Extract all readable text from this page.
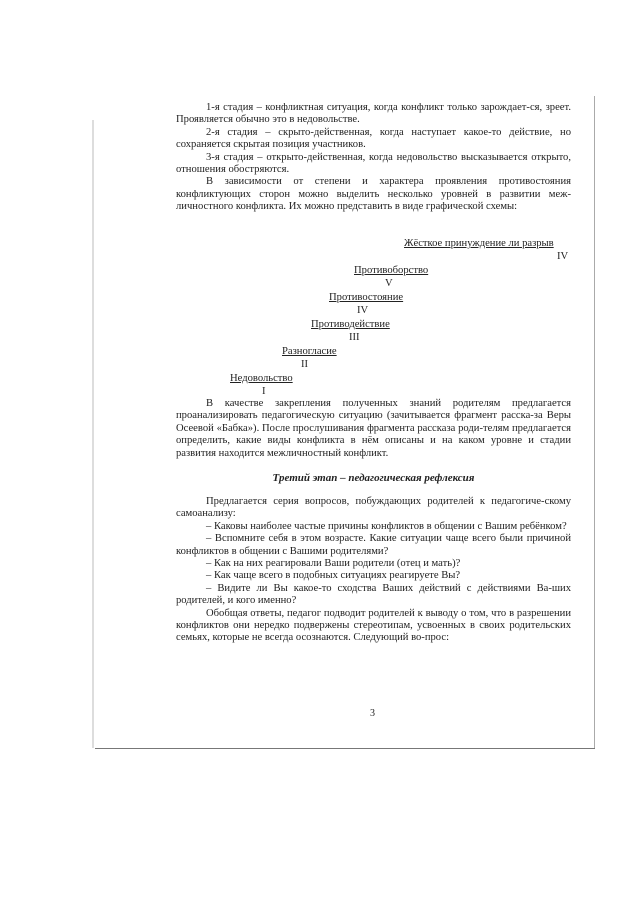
1-я стадия – конфликтная ситуация, когда конфликт только зарождает-ся, зреет. Проявляется обычно это в недовольстве.

2-я стадия – скрыто-действенная, когда наступает какое-то действие, но сохраняется скрытая позиция участников.

3-я стадия – открыто-действенная, когда недовольство высказывается открыто, отношения обостряются.

В зависимости от степени и характера проявления противостояния конфликтующих сторон можно выделить несколько уровней в развитии меж-личностного конфликта. Их можно представить в виде графической схемы:

Жёсткое принуждение ли разрыв
IV
Противоборство
V
Противостояние
IV
Противодействие
III
Разногласие
II
Недовольство
I

В качестве закрепления полученных знаний родителям предлагается проанализировать педагогическую ситуацию (зачитывается фрагмент расска-за Веры Осеевой «Бабка»). После прослушивания фрагмента рассказа роди-телям предлагается определить, какие виды конфликта в нём описаны и на каком уровне и стадии развития находится межличностный конфликт.

Третий этап – педагогическая рефлексия

Предлагается серия вопросов, побуждающих родителей к педагогиче-скому самоанализу:

– Каковы наиболее частые причины конфликтов в общении с Вашим ребёнком?

– Вспомните себя в этом возрасте. Какие ситуации чаще всего были причиной конфликтов в общении с Вашими родителями?

– Как на них реагировали Ваши родители (отец и мать)?

– Как чаще всего в подобных ситуациях реагируете Вы?

– Видите ли Вы какое-то сходства Ваших действий с действиями Ва-ших родителей, и кого именно?

Обобщая ответы, педагог подводит родителей к выводу о том, что в разрешении конфликтов они нередко подвержены стереотипам, усвоенных в своих родительских семьях, которые не всегда осознаются. Следующий во-прос:

3
